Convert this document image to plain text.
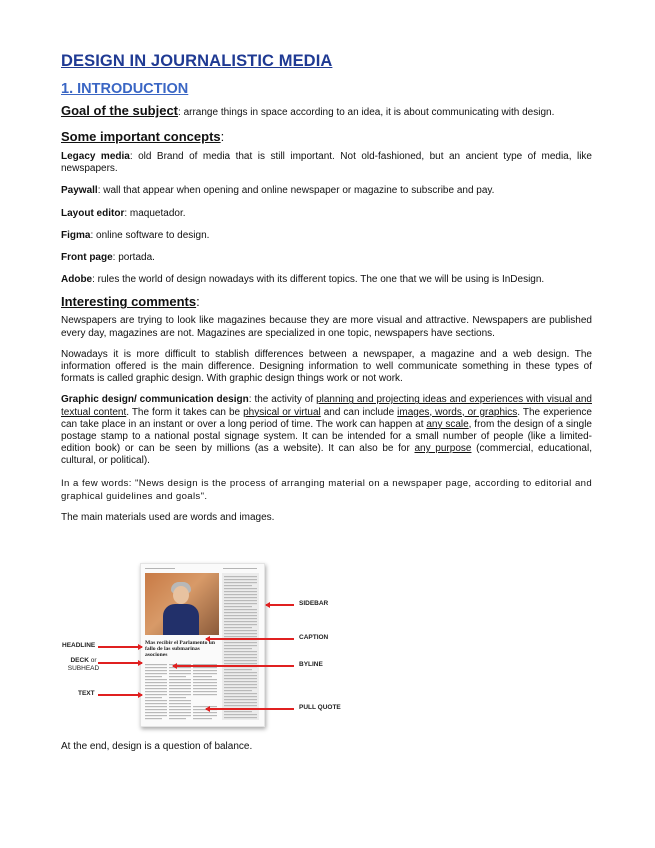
DESIGN IN JOURNALISTIC MEDIA
1. INTRODUCTION
Goal of the subject: arrange things in space according to an idea, it is about communicating with design.
Some important concepts:

Legacy media: old Brand of media that is still important. Not old-fashioned, but an ancient type of media, like newspapers.

Paywall: wall that appear when opening and online newspaper or magazine to subscribe and pay.

Layout editor: maquetador.

Figma: online software to design.

Front page: portada.

Adobe: rules the world of design nowadays with its different topics. The one that we will be using is InDesign.

Interesting comments:

Newspapers are trying to look like magazines because they are more visual and attractive. Newspapers are published every day, magazines are not. Magazines are specialized in one topic, newspapers have sections.

Nowadays it is more difficult to stablish differences between a newspaper, a magazine and a web design. The information offered is the main difference. Designing information to well communicate something in these types of formats is called graphic design. With graphic design things work or not work.

Graphic design/ communication design: the activity of planning and projecting ideas and experiences with visual and textual content. The form it takes can be physical or virtual and can include images, words, or graphics. The experience can take place in an instant or over a long period of time. The work can happen at any scale, from the design of a single postage stamp to a national postal signage system. It can be intended for a small number of people (like a limited-edition book) or can be seen by millions (as a website). It can also be for any purpose (commercial, educational, cultural, or political).

In a few words: "News design is the process of arranging material on a newspaper page, according to editorial and graphical guidelines and goals".

The main materials used are words and images.

Mas recibir el Parlamento un fallo de las submarinas asociones
SIDEBAR
CAPTION
HEADLINE
DECK or
SUBHEAD
BYLINE
TEXT
PULL QUOTE
At the end, design is a question of balance.
